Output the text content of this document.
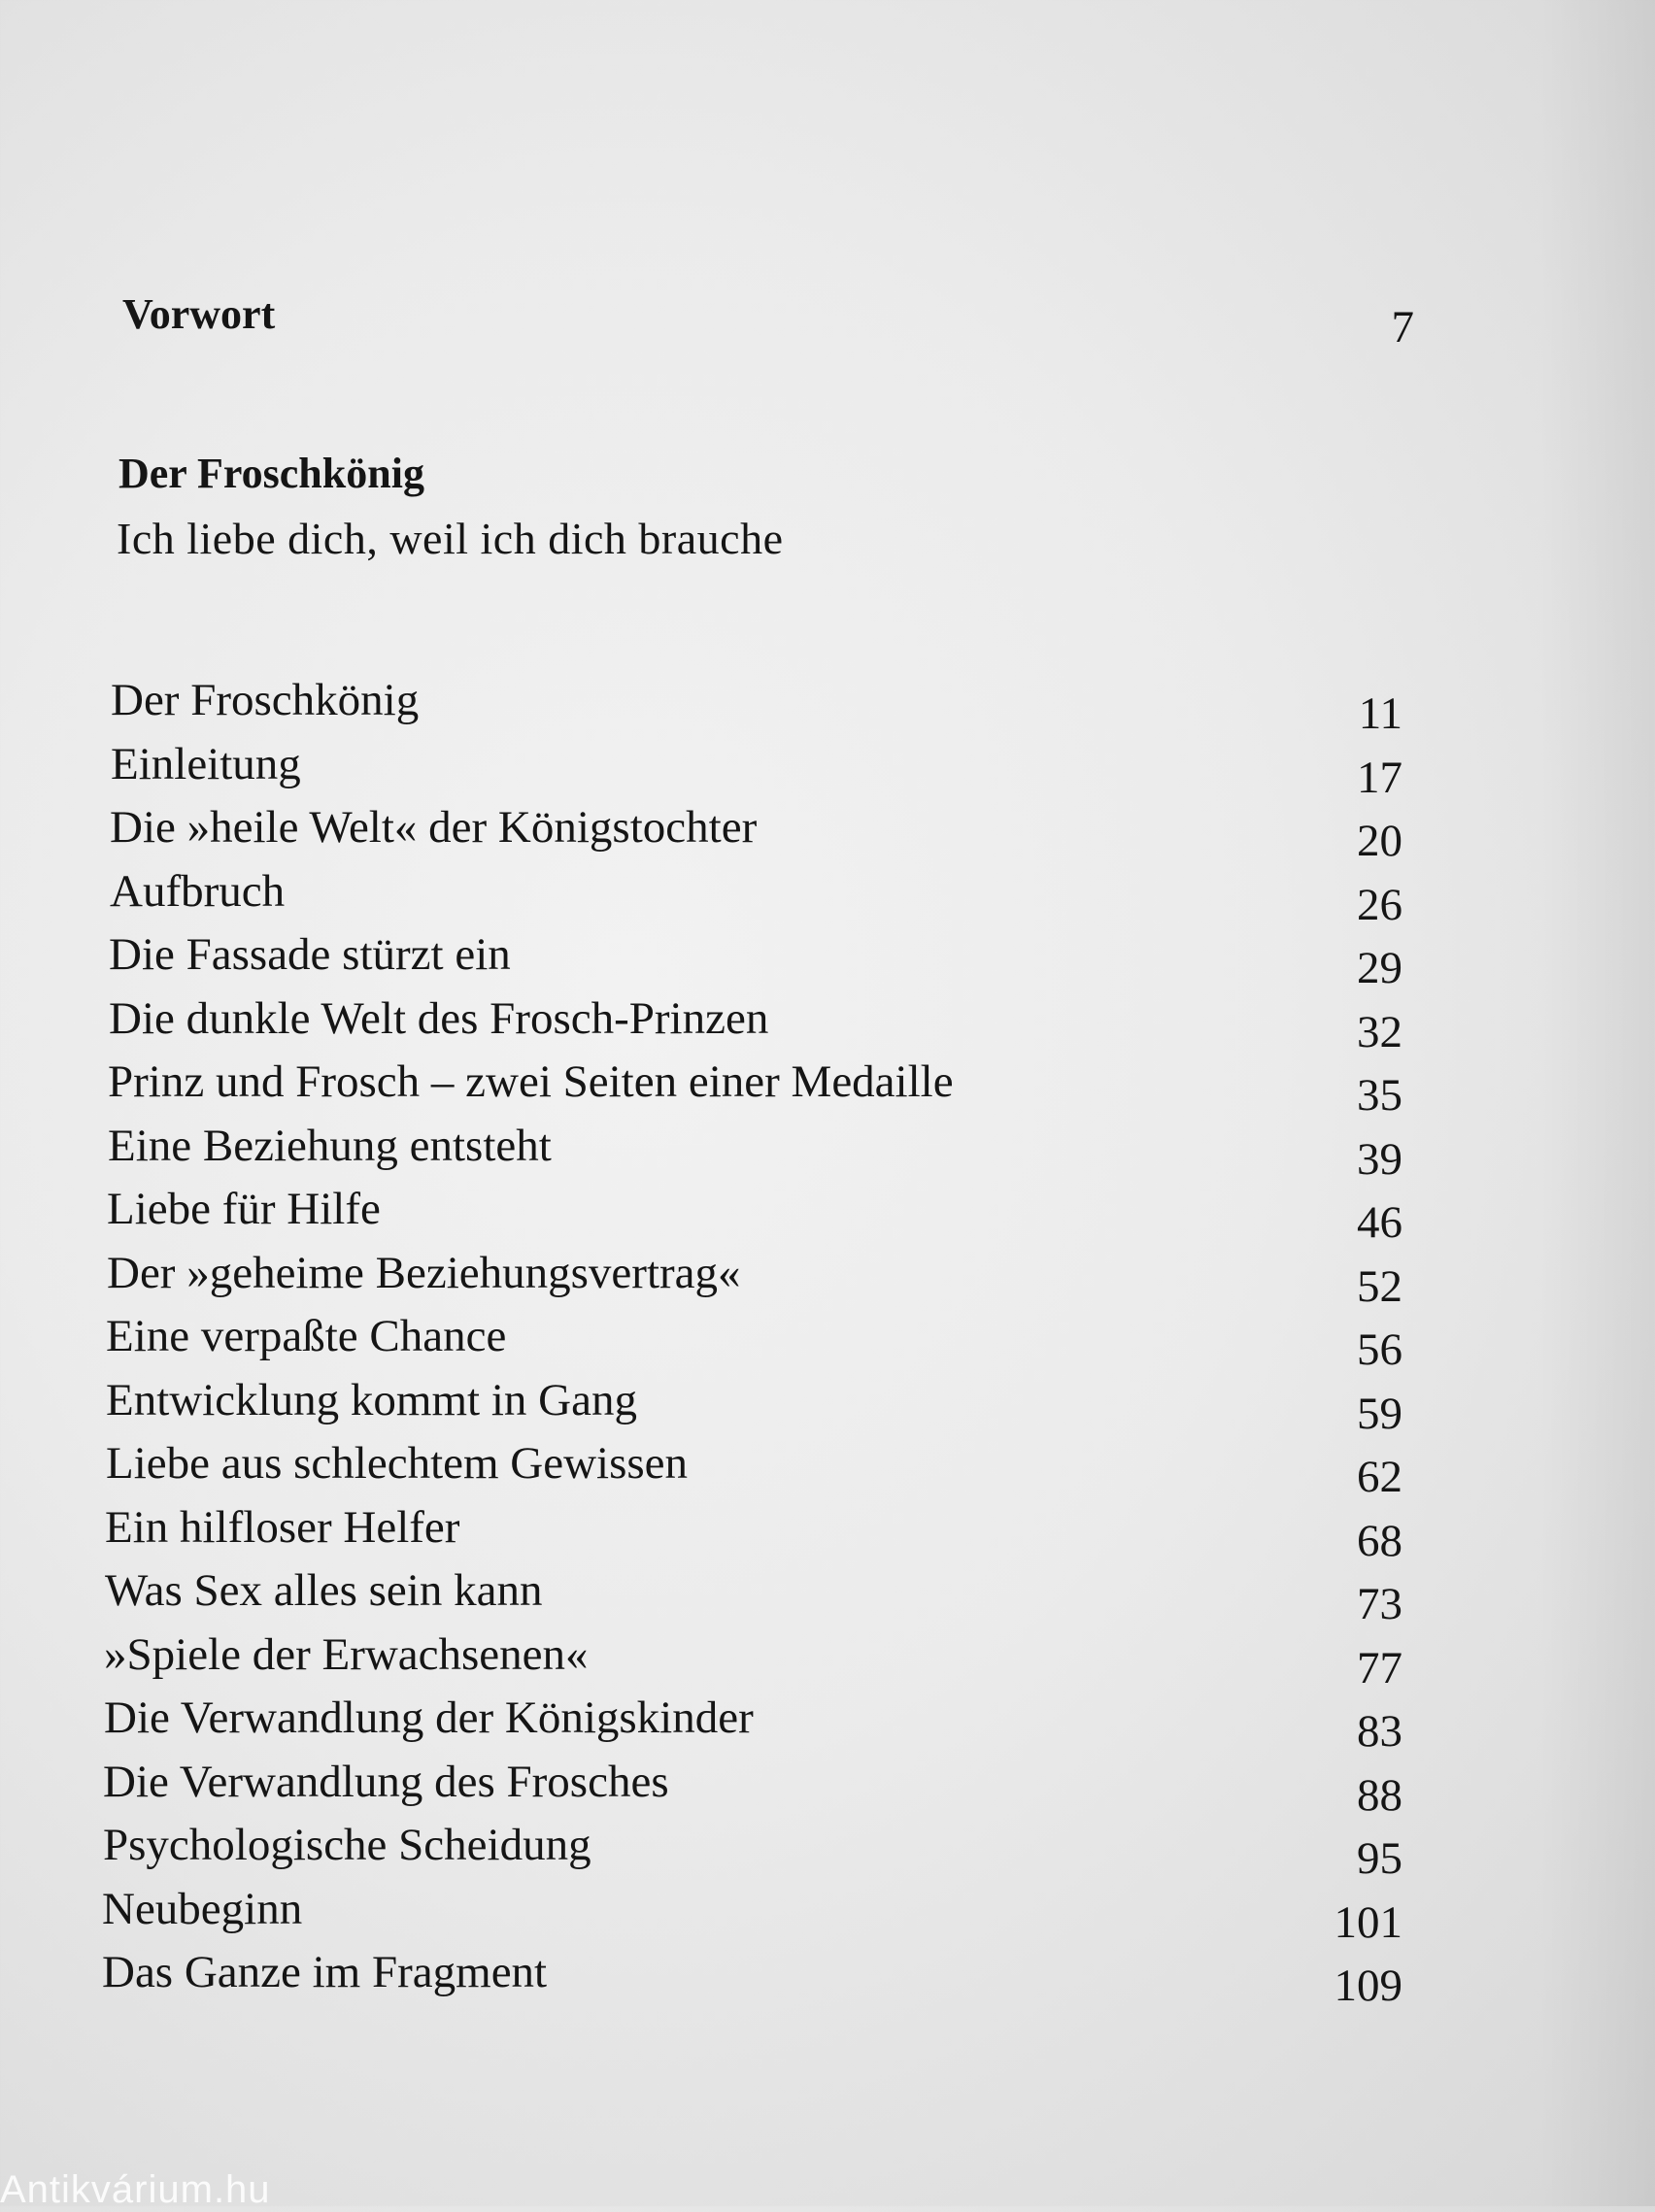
Vorwort	7
Der Froschkönig
Ich liebe dich, weil ich dich brauche
Der Froschkönig	11
Einleitung	17
Die »heile Welt« der Königstochter	20
Aufbruch	26
Die Fassade stürzt ein	29
Die dunkle Welt des Frosch-Prinzen	32
Prinz und Frosch – zwei Seiten einer Medaille	35
Eine Beziehung entsteht	39
Liebe für Hilfe	46
Der »geheime Beziehungsvertrag«	52
Eine verpaßte Chance	56
Entwicklung kommt in Gang	59
Liebe aus schlechtem Gewissen	62
Ein hilfloser Helfer	68
Was Sex alles sein kann	73
»Spiele der Erwachsenen«	77
Die Verwandlung der Königskinder	83
Die Verwandlung des Frosches	88
Psychologische Scheidung	95
Neubeginn	101
Das Ganze im Fragment	109
Antikvárium.hu
